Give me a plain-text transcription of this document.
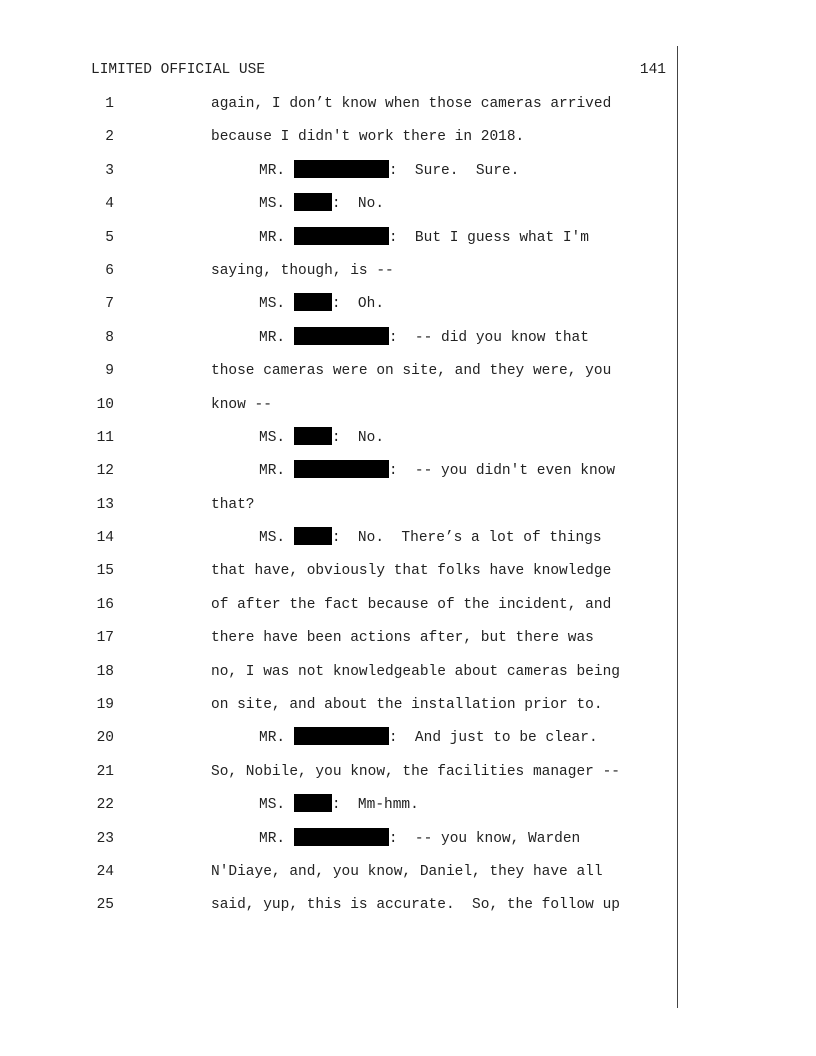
LIMITED OFFICIAL USE	141
1	again, I don’t know when those cameras arrived
2	because I didn't work there in 2018.
3	MR.	:  Sure.  Sure.
4	MS.	:  No.
5	MR.	:  But I guess what I'm
6	saying, though, is --
7	MS.	:  Oh.
8	MR.	:  -- did you know that
9	those cameras were on site, and they were, you
10	know --
11	MS.	:  No.
12	MR.	:  -- you didn't even know
13	that?
14	MS.	:  No.  There’s a lot of things
15	that have, obviously that folks have knowledge
16	of after the fact because of the incident, and
17	there have been actions after, but there was
18	no, I was not knowledgeable about cameras being
19	on site, and about the installation prior to.
20	MR.	:  And just to be clear.
21	So, Nobile, you know, the facilities manager --
22	MS.	:  Mm-hmm.
23	MR.	:  -- you know, Warden
24	N'Diaye, and, you know, Daniel, they have all
25	said, yup, this is accurate.  So, the follow up
